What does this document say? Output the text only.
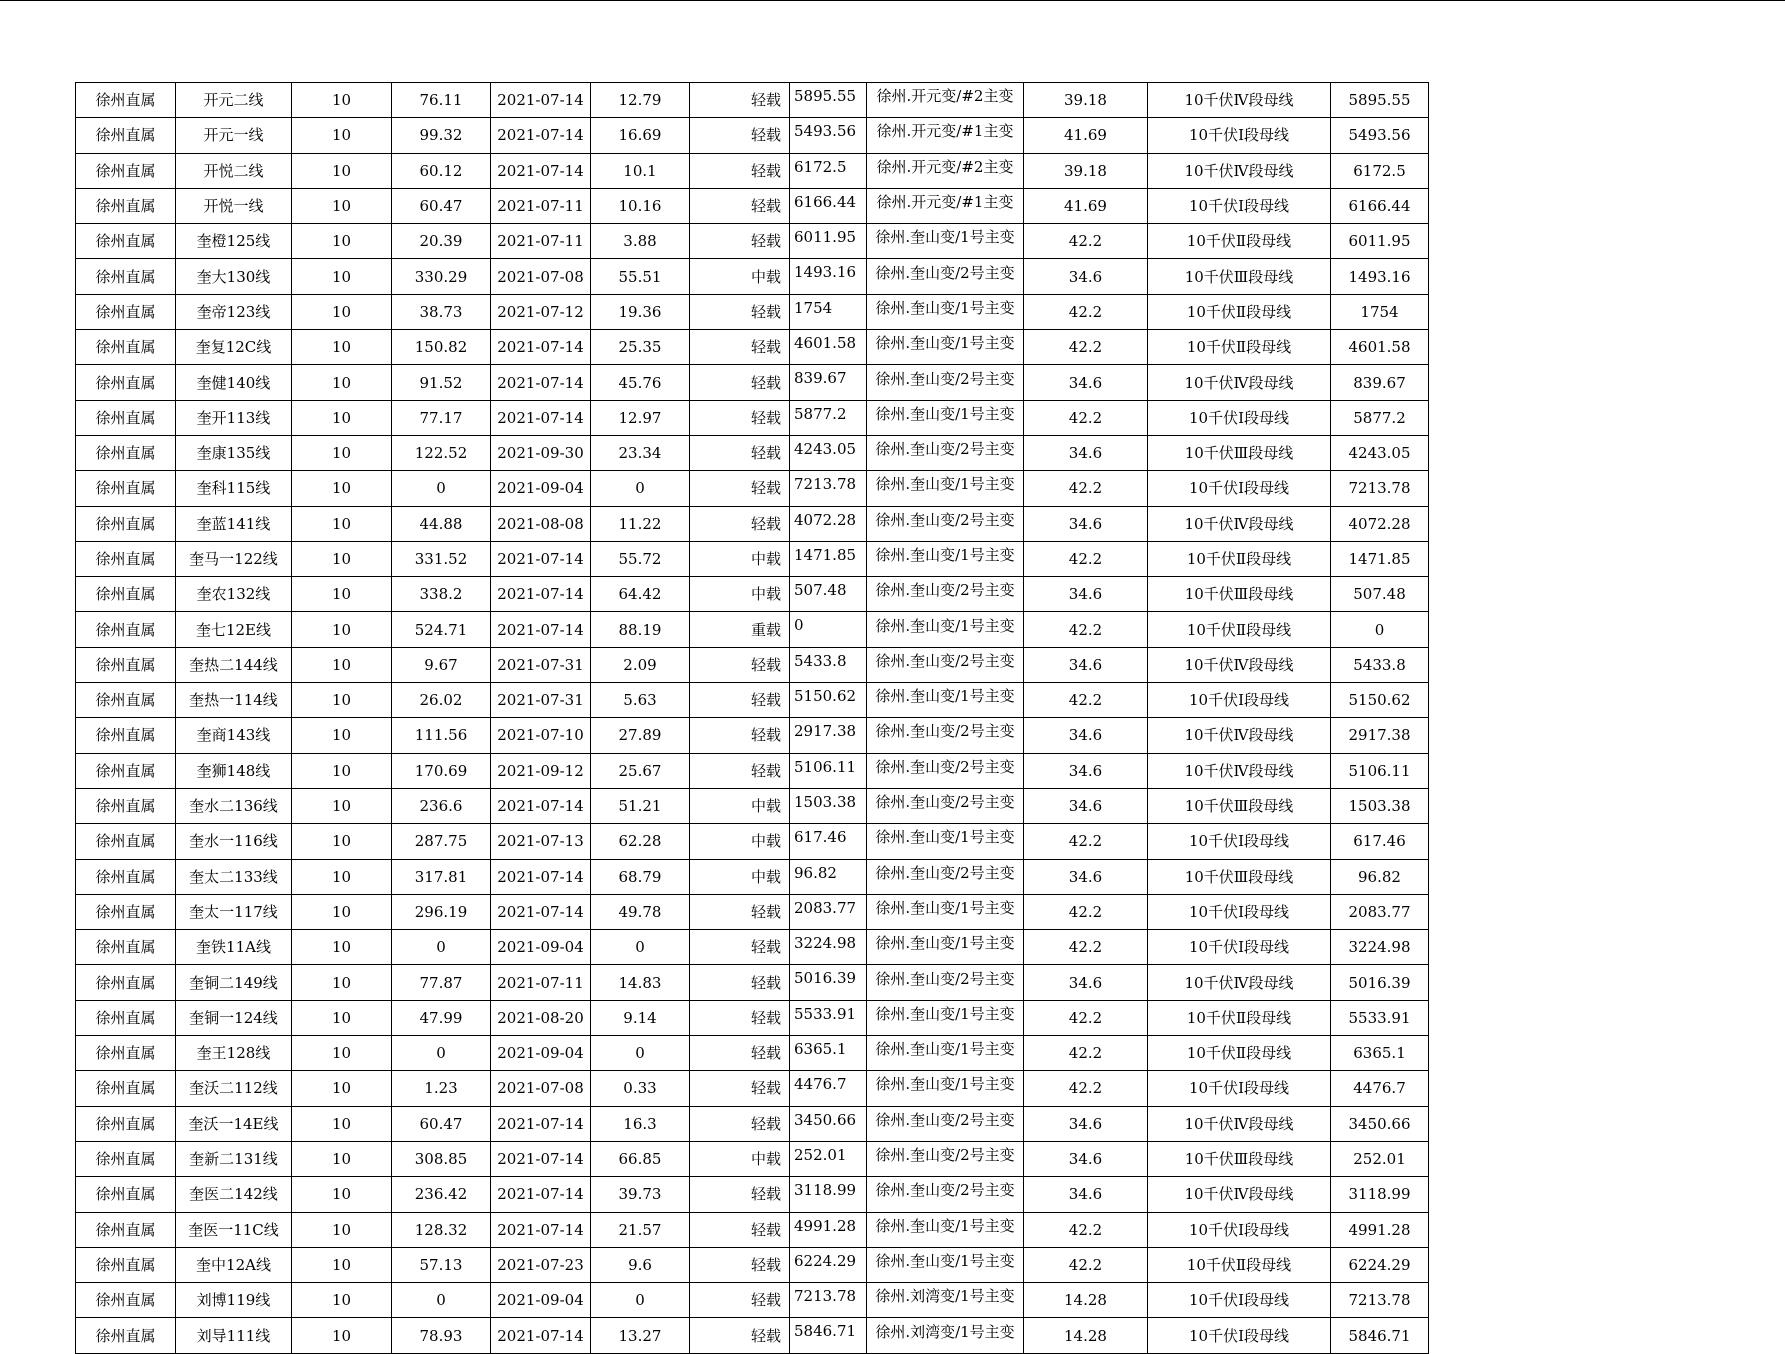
徐州直属	开元二线	10	76.11	2021-07-14	12.79	轻载	5895.55	徐州.开元变/#2主变	39.18	10千伏Ⅳ段母线	5895.55
徐州直属	开元一线	10	99.32	2021-07-14	16.69	轻载	5493.56	徐州.开元变/#1主变	41.69	10千伏Ⅰ段母线	5493.56
徐州直属	开悦二线	10	60.12	2021-07-14	10.1	轻载	6172.5	徐州.开元变/#2主变	39.18	10千伏Ⅳ段母线	6172.5
徐州直属	开悦一线	10	60.47	2021-07-11	10.16	轻载	6166.44	徐州.开元变/#1主变	41.69	10千伏Ⅰ段母线	6166.44
徐州直属	奎橙125线	10	20.39	2021-07-11	3.88	轻载	6011.95	徐州.奎山变/1号主变	42.2	10千伏Ⅱ段母线	6011.95
徐州直属	奎大130线	10	330.29	2021-07-08	55.51	中载	1493.16	徐州.奎山变/2号主变	34.6	10千伏Ⅲ段母线	1493.16
徐州直属	奎帝123线	10	38.73	2021-07-12	19.36	轻载	1754	徐州.奎山变/1号主变	42.2	10千伏Ⅱ段母线	1754
徐州直属	奎复12C线	10	150.82	2021-07-14	25.35	轻载	4601.58	徐州.奎山变/1号主变	42.2	10千伏Ⅱ段母线	4601.58
徐州直属	奎健140线	10	91.52	2021-07-14	45.76	轻载	839.67	徐州.奎山变/2号主变	34.6	10千伏Ⅳ段母线	839.67
徐州直属	奎开113线	10	77.17	2021-07-14	12.97	轻载	5877.2	徐州.奎山变/1号主变	42.2	10千伏Ⅰ段母线	5877.2
徐州直属	奎康135线	10	122.52	2021-09-30	23.34	轻载	4243.05	徐州.奎山变/2号主变	34.6	10千伏Ⅲ段母线	4243.05
徐州直属	奎科115线	10	0	2021-09-04	0	轻载	7213.78	徐州.奎山变/1号主变	42.2	10千伏Ⅰ段母线	7213.78
徐州直属	奎蓝141线	10	44.88	2021-08-08	11.22	轻载	4072.28	徐州.奎山变/2号主变	34.6	10千伏Ⅳ段母线	4072.28
徐州直属	奎马一122线	10	331.52	2021-07-14	55.72	中载	1471.85	徐州.奎山变/1号主变	42.2	10千伏Ⅱ段母线	1471.85
徐州直属	奎农132线	10	338.2	2021-07-14	64.42	中载	507.48	徐州.奎山变/2号主变	34.6	10千伏Ⅲ段母线	507.48
徐州直属	奎七12E线	10	524.71	2021-07-14	88.19	重载	0	徐州.奎山变/1号主变	42.2	10千伏Ⅱ段母线	0
徐州直属	奎热二144线	10	9.67	2021-07-31	2.09	轻载	5433.8	徐州.奎山变/2号主变	34.6	10千伏Ⅳ段母线	5433.8
徐州直属	奎热一114线	10	26.02	2021-07-31	5.63	轻载	5150.62	徐州.奎山变/1号主变	42.2	10千伏Ⅰ段母线	5150.62
徐州直属	奎商143线	10	111.56	2021-07-10	27.89	轻载	2917.38	徐州.奎山变/2号主变	34.6	10千伏Ⅳ段母线	2917.38
徐州直属	奎狮148线	10	170.69	2021-09-12	25.67	轻载	5106.11	徐州.奎山变/2号主变	34.6	10千伏Ⅳ段母线	5106.11
徐州直属	奎水二136线	10	236.6	2021-07-14	51.21	中载	1503.38	徐州.奎山变/2号主变	34.6	10千伏Ⅲ段母线	1503.38
徐州直属	奎水一116线	10	287.75	2021-07-13	62.28	中载	617.46	徐州.奎山变/1号主变	42.2	10千伏Ⅰ段母线	617.46
徐州直属	奎太二133线	10	317.81	2021-07-14	68.79	中载	96.82	徐州.奎山变/2号主变	34.6	10千伏Ⅲ段母线	96.82
徐州直属	奎太一117线	10	296.19	2021-07-14	49.78	轻载	2083.77	徐州.奎山变/1号主变	42.2	10千伏Ⅰ段母线	2083.77
徐州直属	奎铁11A线	10	0	2021-09-04	0	轻载	3224.98	徐州.奎山变/1号主变	42.2	10千伏Ⅰ段母线	3224.98
徐州直属	奎铜二149线	10	77.87	2021-07-11	14.83	轻载	5016.39	徐州.奎山变/2号主变	34.6	10千伏Ⅳ段母线	5016.39
徐州直属	奎铜一124线	10	47.99	2021-08-20	9.14	轻载	5533.91	徐州.奎山变/1号主变	42.2	10千伏Ⅱ段母线	5533.91
徐州直属	奎王128线	10	0	2021-09-04	0	轻载	6365.1	徐州.奎山变/1号主变	42.2	10千伏Ⅱ段母线	6365.1
徐州直属	奎沃二112线	10	1.23	2021-07-08	0.33	轻载	4476.7	徐州.奎山变/1号主变	42.2	10千伏Ⅰ段母线	4476.7
徐州直属	奎沃一14E线	10	60.47	2021-07-14	16.3	轻载	3450.66	徐州.奎山变/2号主变	34.6	10千伏Ⅳ段母线	3450.66
徐州直属	奎新二131线	10	308.85	2021-07-14	66.85	中载	252.01	徐州.奎山变/2号主变	34.6	10千伏Ⅲ段母线	252.01
徐州直属	奎医二142线	10	236.42	2021-07-14	39.73	轻载	3118.99	徐州.奎山变/2号主变	34.6	10千伏Ⅳ段母线	3118.99
徐州直属	奎医一11C线	10	128.32	2021-07-14	21.57	轻载	4991.28	徐州.奎山变/1号主变	42.2	10千伏Ⅰ段母线	4991.28
徐州直属	奎中12A线	10	57.13	2021-07-23	9.6	轻载	6224.29	徐州.奎山变/1号主变	42.2	10千伏Ⅱ段母线	6224.29
徐州直属	刘博119线	10	0	2021-09-04	0	轻载	7213.78	徐州.刘湾变/1号主变	14.28	10千伏Ⅰ段母线	7213.78
徐州直属	刘导111线	10	78.93	2021-07-14	13.27	轻载	5846.71	徐州.刘湾变/1号主变	14.28	10千伏Ⅰ段母线	5846.71
